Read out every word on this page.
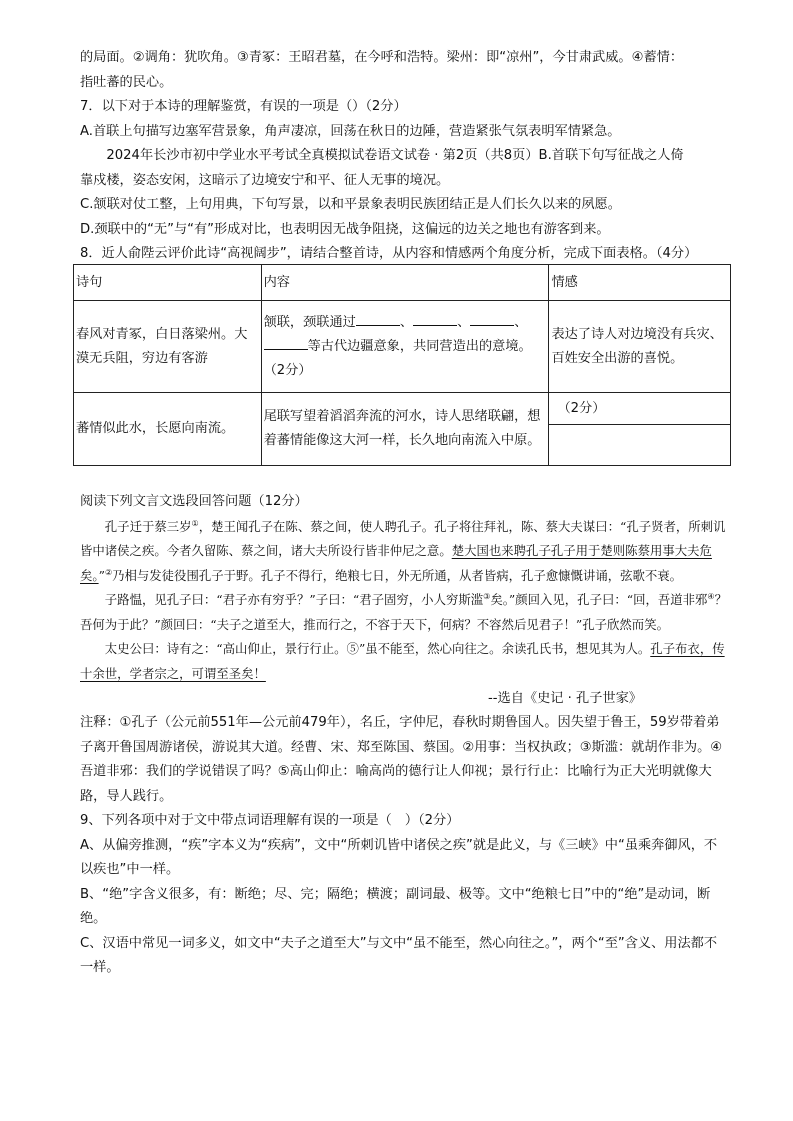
的局面。②调角：犹吹角。③青冢：王昭君墓，在今呼和浩特。梁州：即“凉州”，今甘肃武威。④蓄情：

指吐蕃的民心。

7．以下对于本诗的理解鉴赏，有误的一项是（）（2分）

A.首联上句描写边塞军营景象，角声凄凉，回荡在秋日的边陲，营造紧张气氛表明军情紧急。

2024年长沙市初中学业水平考试全真模拟试卷语文试卷 · 第2页（共8页）B.首联下句写征战之人倚

靠戍楼，姿态安闲，这暗示了边境安宁和平、征人无事的境况。

C.颔联对仗工整，上句用典，下句写景，以和平景象表明民族团结正是人们长久以来的夙愿。

D.颈联中的“无”与“有”形成对比，也表明因无战争阻挠，这偏远的边关之地也有游客到来。

8．近人俞陛云评价此诗“高视阔步”，请结合整首诗，从内容和情感两个角度分析，完成下面表格。（4分）

诗句	内容	情感
春风对青冢，白日落梁州。大漠无兵阻，穷边有客游	颔联，颈联通过 、 、 、等古代边疆意象，共同营造出的意境。（2分）	表达了诗人对边境没有兵灾、百姓安全出游的喜悦。
蕃情似此水，长愿向南流。	尾联写望着滔滔奔流的河水，诗人思绪联翩，想着蕃情能像这大河一样，长久地向南流入中原。	（2分）

阅读下列文言文选段回答问题（12分）

孔子迁于蔡三岁①，楚王闻孔子在陈、蔡之间，使人聘孔子。孔子将往拜礼，陈、蔡大夫谋曰：“孔子贤者，所刺讥皆中诸侯之疾。今者久留陈、蔡之间，诸大夫所设行皆非仲尼之意。楚大国也来聘孔子孔子用于楚则陈蔡用事大夫危矣。”②乃相与发徒役围孔子于野。孔子不得行，绝粮七日，外无所通，从者皆病，孔子愈慷慨讲诵，弦歌不衰。

子路愠，见孔子曰：“君子亦有穷乎？”子曰：“君子固穷，小人穷斯滥③矣。”颜回入见，孔子曰：“回，吾道非邪④？吾何为于此？”颜回曰：“夫子之道至大，推而行之，不容于天下，何病？不容然后见君子！”孔子欣然而笑。

太史公曰：诗有之：“高山仰止，景行行止。⑤”虽不能至，然心向往之。余读孔氏书，想见其为人。孔子布衣，传十余世，学者宗之，可谓至圣矣！

--选自《史记 · 孔子世家》

注释：①孔子（公元前551年—公元前479年），名丘，字仲尼，春秋时期鲁国人。因失望于鲁王，59岁带着弟子离开鲁国周游诸侯，游说其大道。经曹、宋、郑至陈国、蔡国。②用事：当权执政；③斯滥：就胡作非为。④吾道非邪：我们的学说错误了吗？⑤高山仰止：喻高尚的德行让人仰视；景行行止：比喻行为正大光明就像大路，导人践行。

9、下列各项中对于文中带点词语理解有误的一项是（　）（2分）

A、从偏旁推测，“疾”字本义为“疾病”，文中“所刺讥皆中诸侯之疾”就是此义，与《三峡》中“虽乘奔御风，不以疾也”中一样。

B、“绝”字含义很多，有：断绝；尽、完；隔绝；横渡；副词最、极等。文中“绝粮七日”中的“绝”是动词，断绝。

C、汉语中常见一词多义，如文中“夫子之道至大”与文中“虽不能至，然心向往之。”，两个“至”含义、用法都不一样。
